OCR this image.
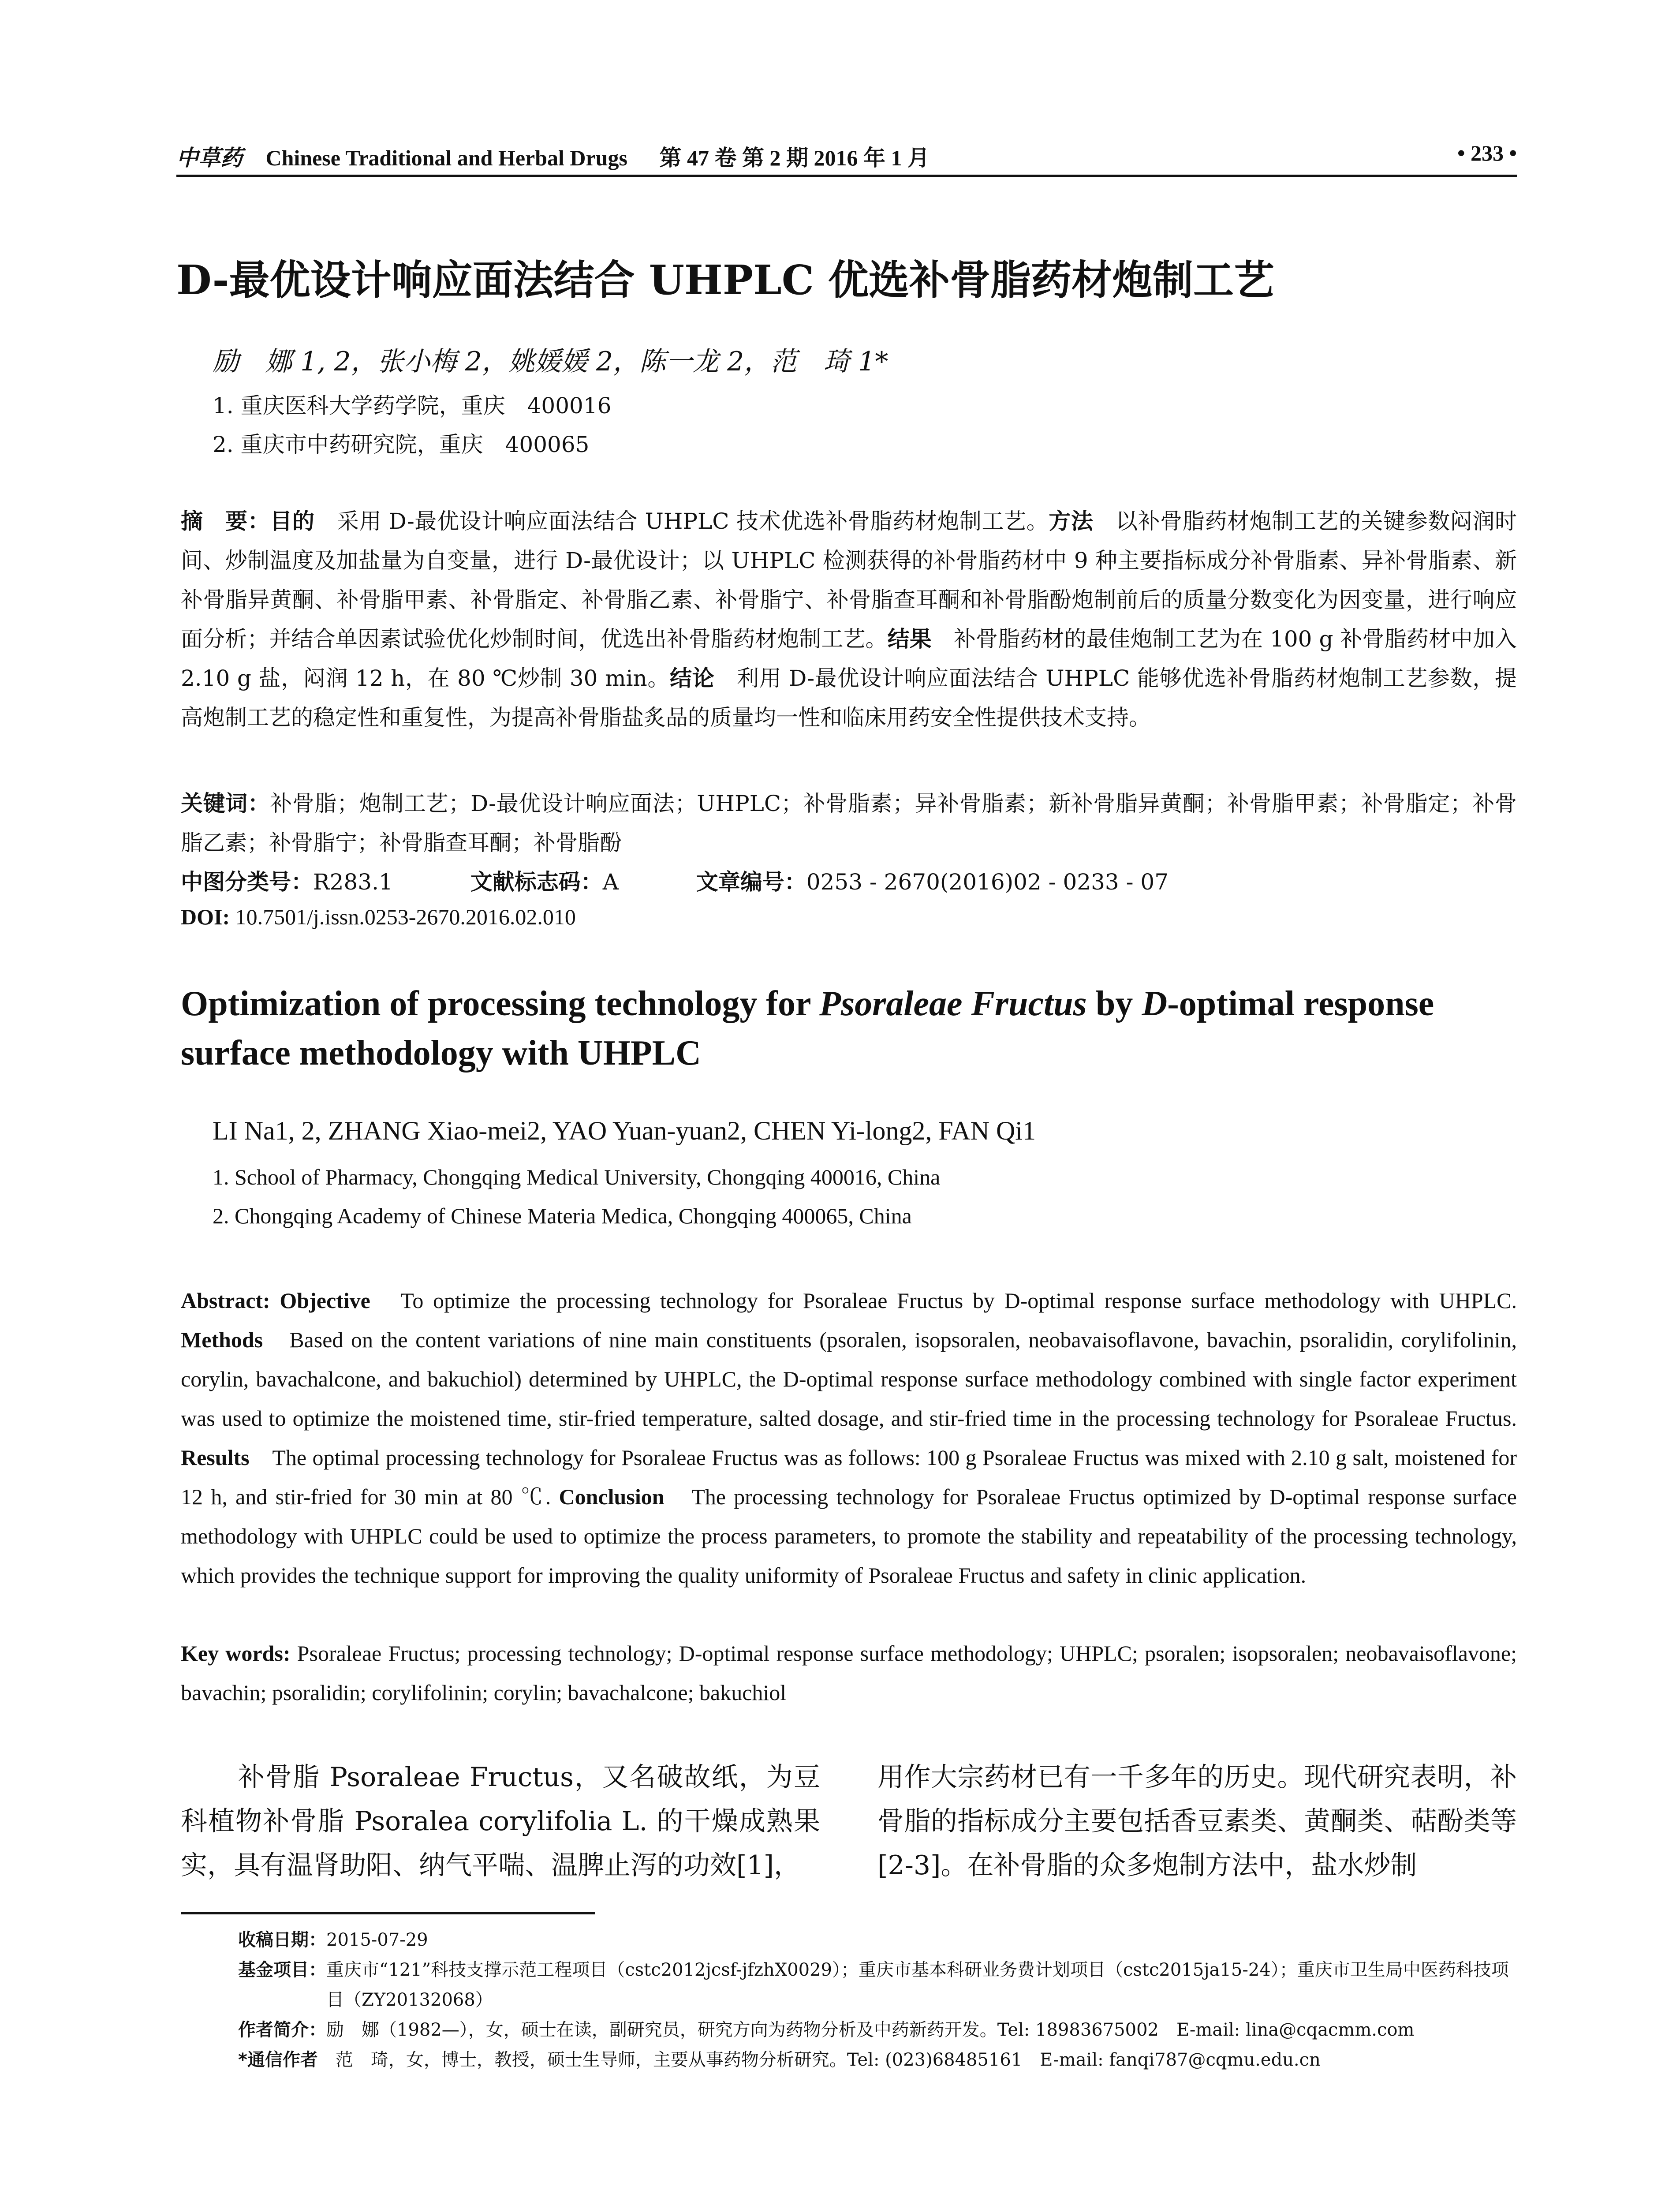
中草药 Chinese Traditional and Herbal Drugs 第 47 卷 第 2 期 2016 年 1 月	• 233 •
D-最优设计响应面法结合 UHPLC 优选补骨脂药材炮制工艺
励　娜 1, 2，张小梅 2，姚媛媛 2，陈一龙 2，范　琦 1*
1. 重庆医科大学药学院，重庆　400016
2. 重庆市中药研究院，重庆　400065
摘　要：目的　 采用 D-最优设计响应面法结合 UHPLC 技术优选补骨脂药材炮制工艺。方法　 以补骨脂药材炮制工艺的关键参数闷润时间、炒制温度及加盐量为自变量，进行 D-最优设计；以 UHPLC 检测获得的补骨脂药材中 9 种主要指标成分补骨脂素、异补骨脂素、新补骨脂异黄酮、补骨脂甲素、补骨脂定、补骨脂乙素、补骨脂宁、补骨脂查耳酮和补骨脂酚炮制前后的质量分数变化为因变量，进行响应面分析；并结合单因素试验优化炒制时间，优选出补骨脂药材炮制工艺。结果　 补骨脂药材的最佳炮制工艺为在 100 g 补骨脂药材中加入 2.10 g 盐，闷润 12 h，在 80 ℃炒制 30 min。结论　 利用 D-最优设计响应面法结合 UHPLC 能够优选补骨脂药材炮制工艺参数，提高炮制工艺的稳定性和重复性，为提高补骨脂盐炙品的质量均一性和临床用药安全性提供技术支持。
关键词：补骨脂；炮制工艺；D-最优设计响应面法；UHPLC；补骨脂素；异补骨脂素；新补骨脂异黄酮；补骨脂甲素；补骨脂定；补骨脂乙素；补骨脂宁；补骨脂查耳酮；补骨脂酚
中图分类号：R283.1	文献标志码：A	文章编号：0253 - 2670(2016)02 - 0233 - 07
DOI: 10.7501/j.issn.0253-2670.2016.02.010
Optimization of processing technology for Psoraleae Fructus by D-optimal response surface methodology with UHPLC
LI Na1, 2, ZHANG Xiao-mei2, YAO Yuan-yuan2, CHEN Yi-long2, FAN Qi1
1. School of Pharmacy, Chongqing Medical University, Chongqing 400016, China
2. Chongqing Academy of Chinese Materia Medica, Chongqing 400065, China
Abstract: Objective　 To optimize the processing technology for Psoraleae Fructus by D-optimal response surface methodology with UHPLC. Methods　 Based on the content variations of nine main constituents (psoralen, isopsoralen, neobavaisoflavone, bavachin, psoralidin, corylifolinin, corylin, bavachalcone, and bakuchiol) determined by UHPLC, the D-optimal response surface methodology combined with single factor experiment was used to optimize the moistened time, stir-fried temperature, salted dosage, and stir-fried time in the processing technology for Psoraleae Fructus. Results　 The optimal processing technology for Psoraleae Fructus was as follows: 100 g Psoraleae Fructus was mixed with 2.10 g salt, moistened for 12 h, and stir-fried for 30 min at 80 ℃. Conclusion　 The processing technology for Psoraleae Fructus optimized by D-optimal response surface methodology with UHPLC could be used to optimize the process parameters, to promote the stability and repeatability of the processing technology, which provides the technique support for improving the quality uniformity of Psoraleae Fructus and safety in clinic application.
Key words: Psoraleae Fructus; processing technology; D-optimal response surface methodology; UHPLC; psoralen; isopsoralen; neobavaisoflavone; bavachin; psoralidin; corylifolinin; corylin; bavachalcone; bakuchiol
补骨脂 Psoraleae Fructus，又名破故纸，为豆科植物补骨脂 Psoralea corylifolia L. 的干燥成熟果实，具有温肾助阳、纳气平喘、温脾止泻的功效[1]，
用作大宗药材已有一千多年的历史。现代研究表明，补骨脂的指标成分主要包括香豆素类、黄酮类、萜酚类等[2-3]。在补骨脂的众多炮制方法中，盐水炒制
收稿日期： 2015-07-29
基金项目： 重庆市“121”科技支撑示范工程项目（cstc2012jcsf-jfzhX0029）；重庆市基本科研业务费计划项目（cstc2015ja15-24）；重庆市卫生局中医药科技项目（ZY20132068）
作者简介： 励　娜（1982—），女，硕士在读，副研究员，研究方向为药物分析及中药新药开发。Tel: 18983675002　E-mail: lina@cqacmm.com
*通信作者　 范　琦，女，博士，教授，硕士生导师，主要从事药物分析研究。Tel: (023)68485161　E-mail: fanqi787@cqmu.edu.cn
